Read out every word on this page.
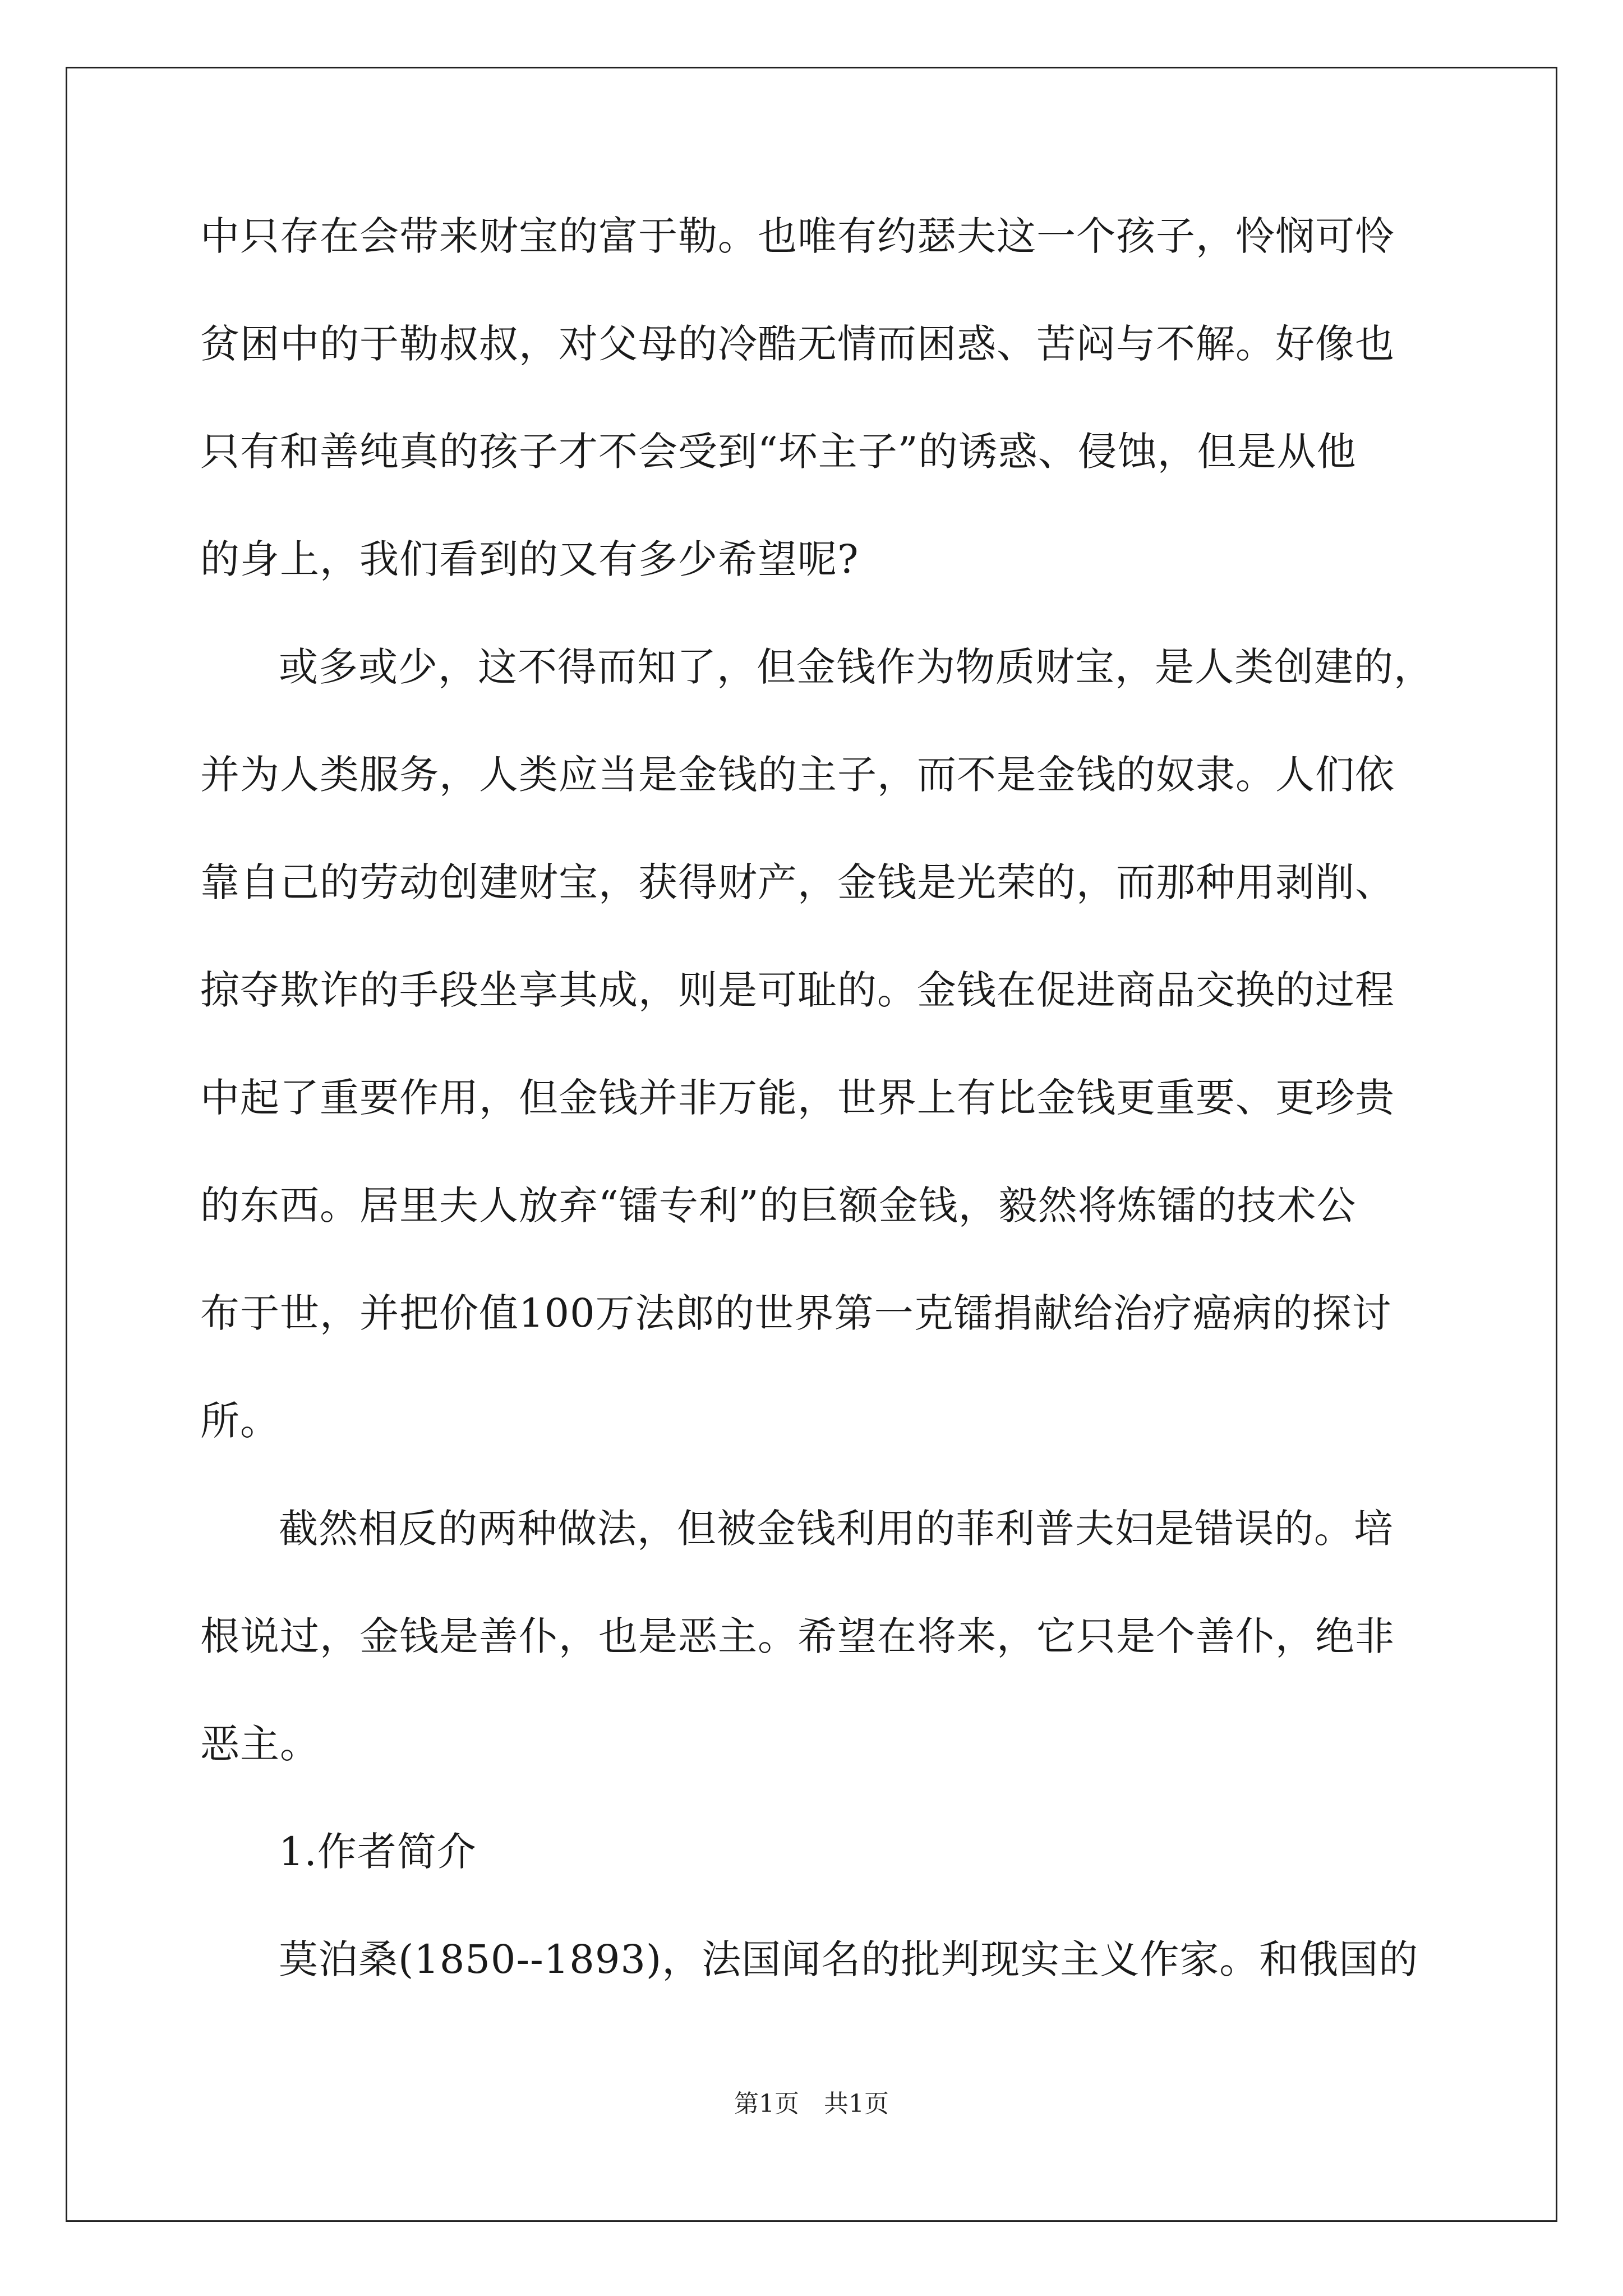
中只存在会带来财宝的富于勒。也唯有约瑟夫这一个孩子，怜悯可怜
贫困中的于勒叔叔，对父母的冷酷无情而困惑、苦闷与不解。好像也
只有和善纯真的孩子才不会受到“坏主子”的诱惑、侵蚀，但是从他
的身上，我们看到的又有多少希望呢?
或多或少，这不得而知了，但金钱作为物质财宝，是人类创建的，
并为人类服务，人类应当是金钱的主子，而不是金钱的奴隶。人们依
靠自己的劳动创建财宝，获得财产，金钱是光荣的，而那种用剥削、
掠夺欺诈的手段坐享其成，则是可耻的。金钱在促进商品交换的过程
中起了重要作用，但金钱并非万能，世界上有比金钱更重要、更珍贵
的东西。居里夫人放弃“镭专利”的巨额金钱，毅然将炼镭的技术公
布于世，并把价值100万法郎的世界第一克镭捐献给治疗癌病的探讨
所。
截然相反的两种做法，但被金钱利用的菲利普夫妇是错误的。培
根说过，金钱是善仆，也是恶主。希望在将来，它只是个善仆，绝非
恶主。
1.作者简介
莫泊桑(1850--1893)，法国闻名的批判现实主义作家。和俄国的
第1页　共1页
